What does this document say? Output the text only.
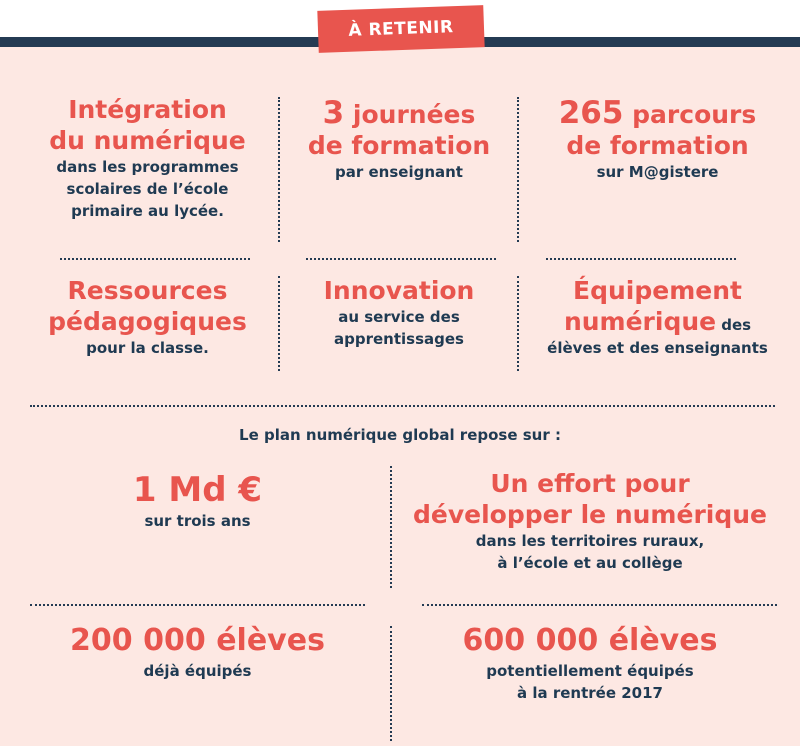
À RETENIR
Intégration
du numérique
dans les programmes
scolaires de l’école
primaire au lycée.
3 journées
de formation
par enseignant
265 parcours
de formation
sur M@gistere
Ressources
pédagogiques
pour la classe.
Innovation
au service des
apprentissages
Équipement
numérique des
élèves et des enseignants
Le plan numérique global repose sur :
1 Md €
sur trois ans
Un effort pour
développer le numérique
dans les territoires ruraux,
à l’école et au collège
200 000 élèves
déjà équipés
600 000 élèves
potentiellement équipés
à la rentrée 2017
